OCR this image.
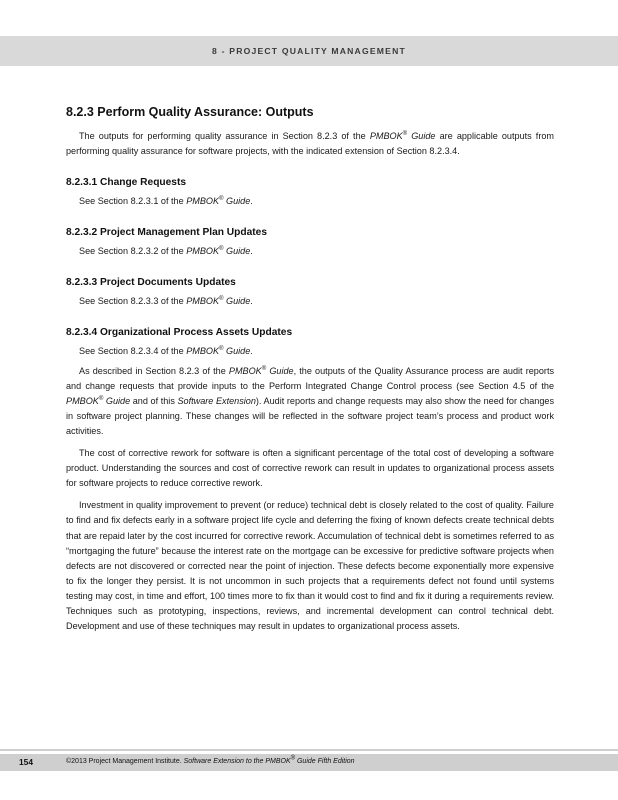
8 - PROJECT QUALITY MANAGEMENT
8.2.3 Perform Quality Assurance: Outputs

The outputs for performing quality assurance in Section 8.2.3 of the PMBOK® Guide are applicable outputs from performing quality assurance for software projects, with the indicated extension of Section 8.2.3.4.

8.2.3.1 Change Requests

See Section 8.2.3.1 of the PMBOK® Guide.

8.2.3.2 Project Management Plan Updates

See Section 8.2.3.2 of the PMBOK® Guide.

8.2.3.3 Project Documents Updates

See Section 8.2.3.3 of the PMBOK® Guide.

8.2.3.4 Organizational Process Assets Updates

See Section 8.2.3.4 of the PMBOK® Guide.

As described in Section 8.2.3 of the PMBOK® Guide, the outputs of the Quality Assurance process are audit reports and change requests that provide inputs to the Perform Integrated Change Control process (see Section 4.5 of the PMBOK® Guide and of this Software Extension). Audit reports and change requests may also show the need for changes in software project planning. These changes will be reflected in the software project team’s process and product work activities.

The cost of corrective rework for software is often a significant percentage of the total cost of developing a software product. Understanding the sources and cost of corrective rework can result in updates to organizational process assets for software projects to reduce corrective rework.

Investment in quality improvement to prevent (or reduce) technical debt is closely related to the cost of quality. Failure to find and fix defects early in a software project life cycle and deferring the fixing of known defects create technical debts that are repaid later by the cost incurred for corrective rework. Accumulation of technical debt is sometimes referred to as “mortgaging the future” because the interest rate on the mortgage can be excessive for predictive software projects when defects are not discovered or corrected near the point of injection. These defects become exponentially more expensive to fix the longer they persist. It is not uncommon in such projects that a requirements defect not found until systems testing may cost, in time and effort, 100 times more to fix than it would cost to find and fix it during a requirements review. Techniques such as prototyping, inspections, reviews, and incremental development can control technical debt. Development and use of these techniques may result in updates to organizational process assets.

154	©2013 Project Management Institute. Software Extension to the PMBOK® Guide Fifth Edition
